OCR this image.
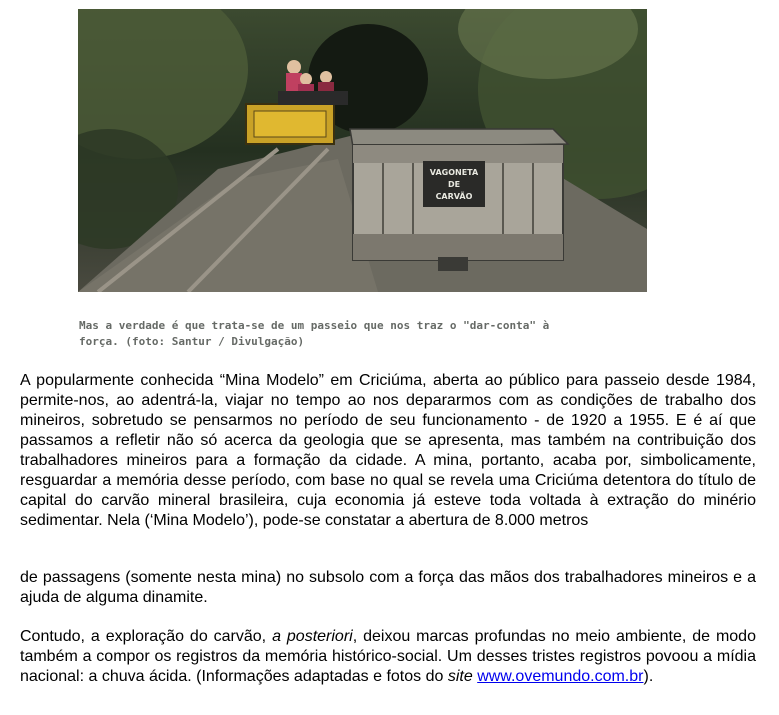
VAGONETA
DE
CARVÃO
Mas a verdade é que trata-se de um passeio que nos traz o "dar-conta" à
força. (foto: Santur / Divulgação)

A popularmente conhecida “Mina Modelo” em Criciúma, aberta ao público para passeio desde 1984, permite-nos, ao adentrá-la, viajar no tempo ao nos depararmos com as condições de trabalho dos mineiros, sobretudo se pensarmos no período de seu funcionamento - de 1920 a 1955. E é aí que passamos a refletir não só acerca da geologia que se apresenta, mas também na contribuição dos trabalhadores mineiros para a formação da cidade. A mina, portanto, acaba por, simbolicamente, resguardar a memória desse período, com base no qual se revela uma Criciúma detentora do título de capital do carvão mineral brasileira, cuja economia já esteve toda voltada à extração do minério sedimentar. Nela (‘Mina Modelo’), pode-se constatar a abertura de 8.000 metros

de passagens (somente nesta mina) no subsolo com a força das mãos dos trabalhadores mineiros e a ajuda de alguma dinamite.

Contudo, a exploração do carvão, a posteriori, deixou marcas profundas no meio ambiente, de modo também a compor os registros da memória histórico-social. Um desses tristes registros povoou a mídia nacional: a chuva ácida. (Informações adaptadas e fotos do site www.ovemundo.com.br).
